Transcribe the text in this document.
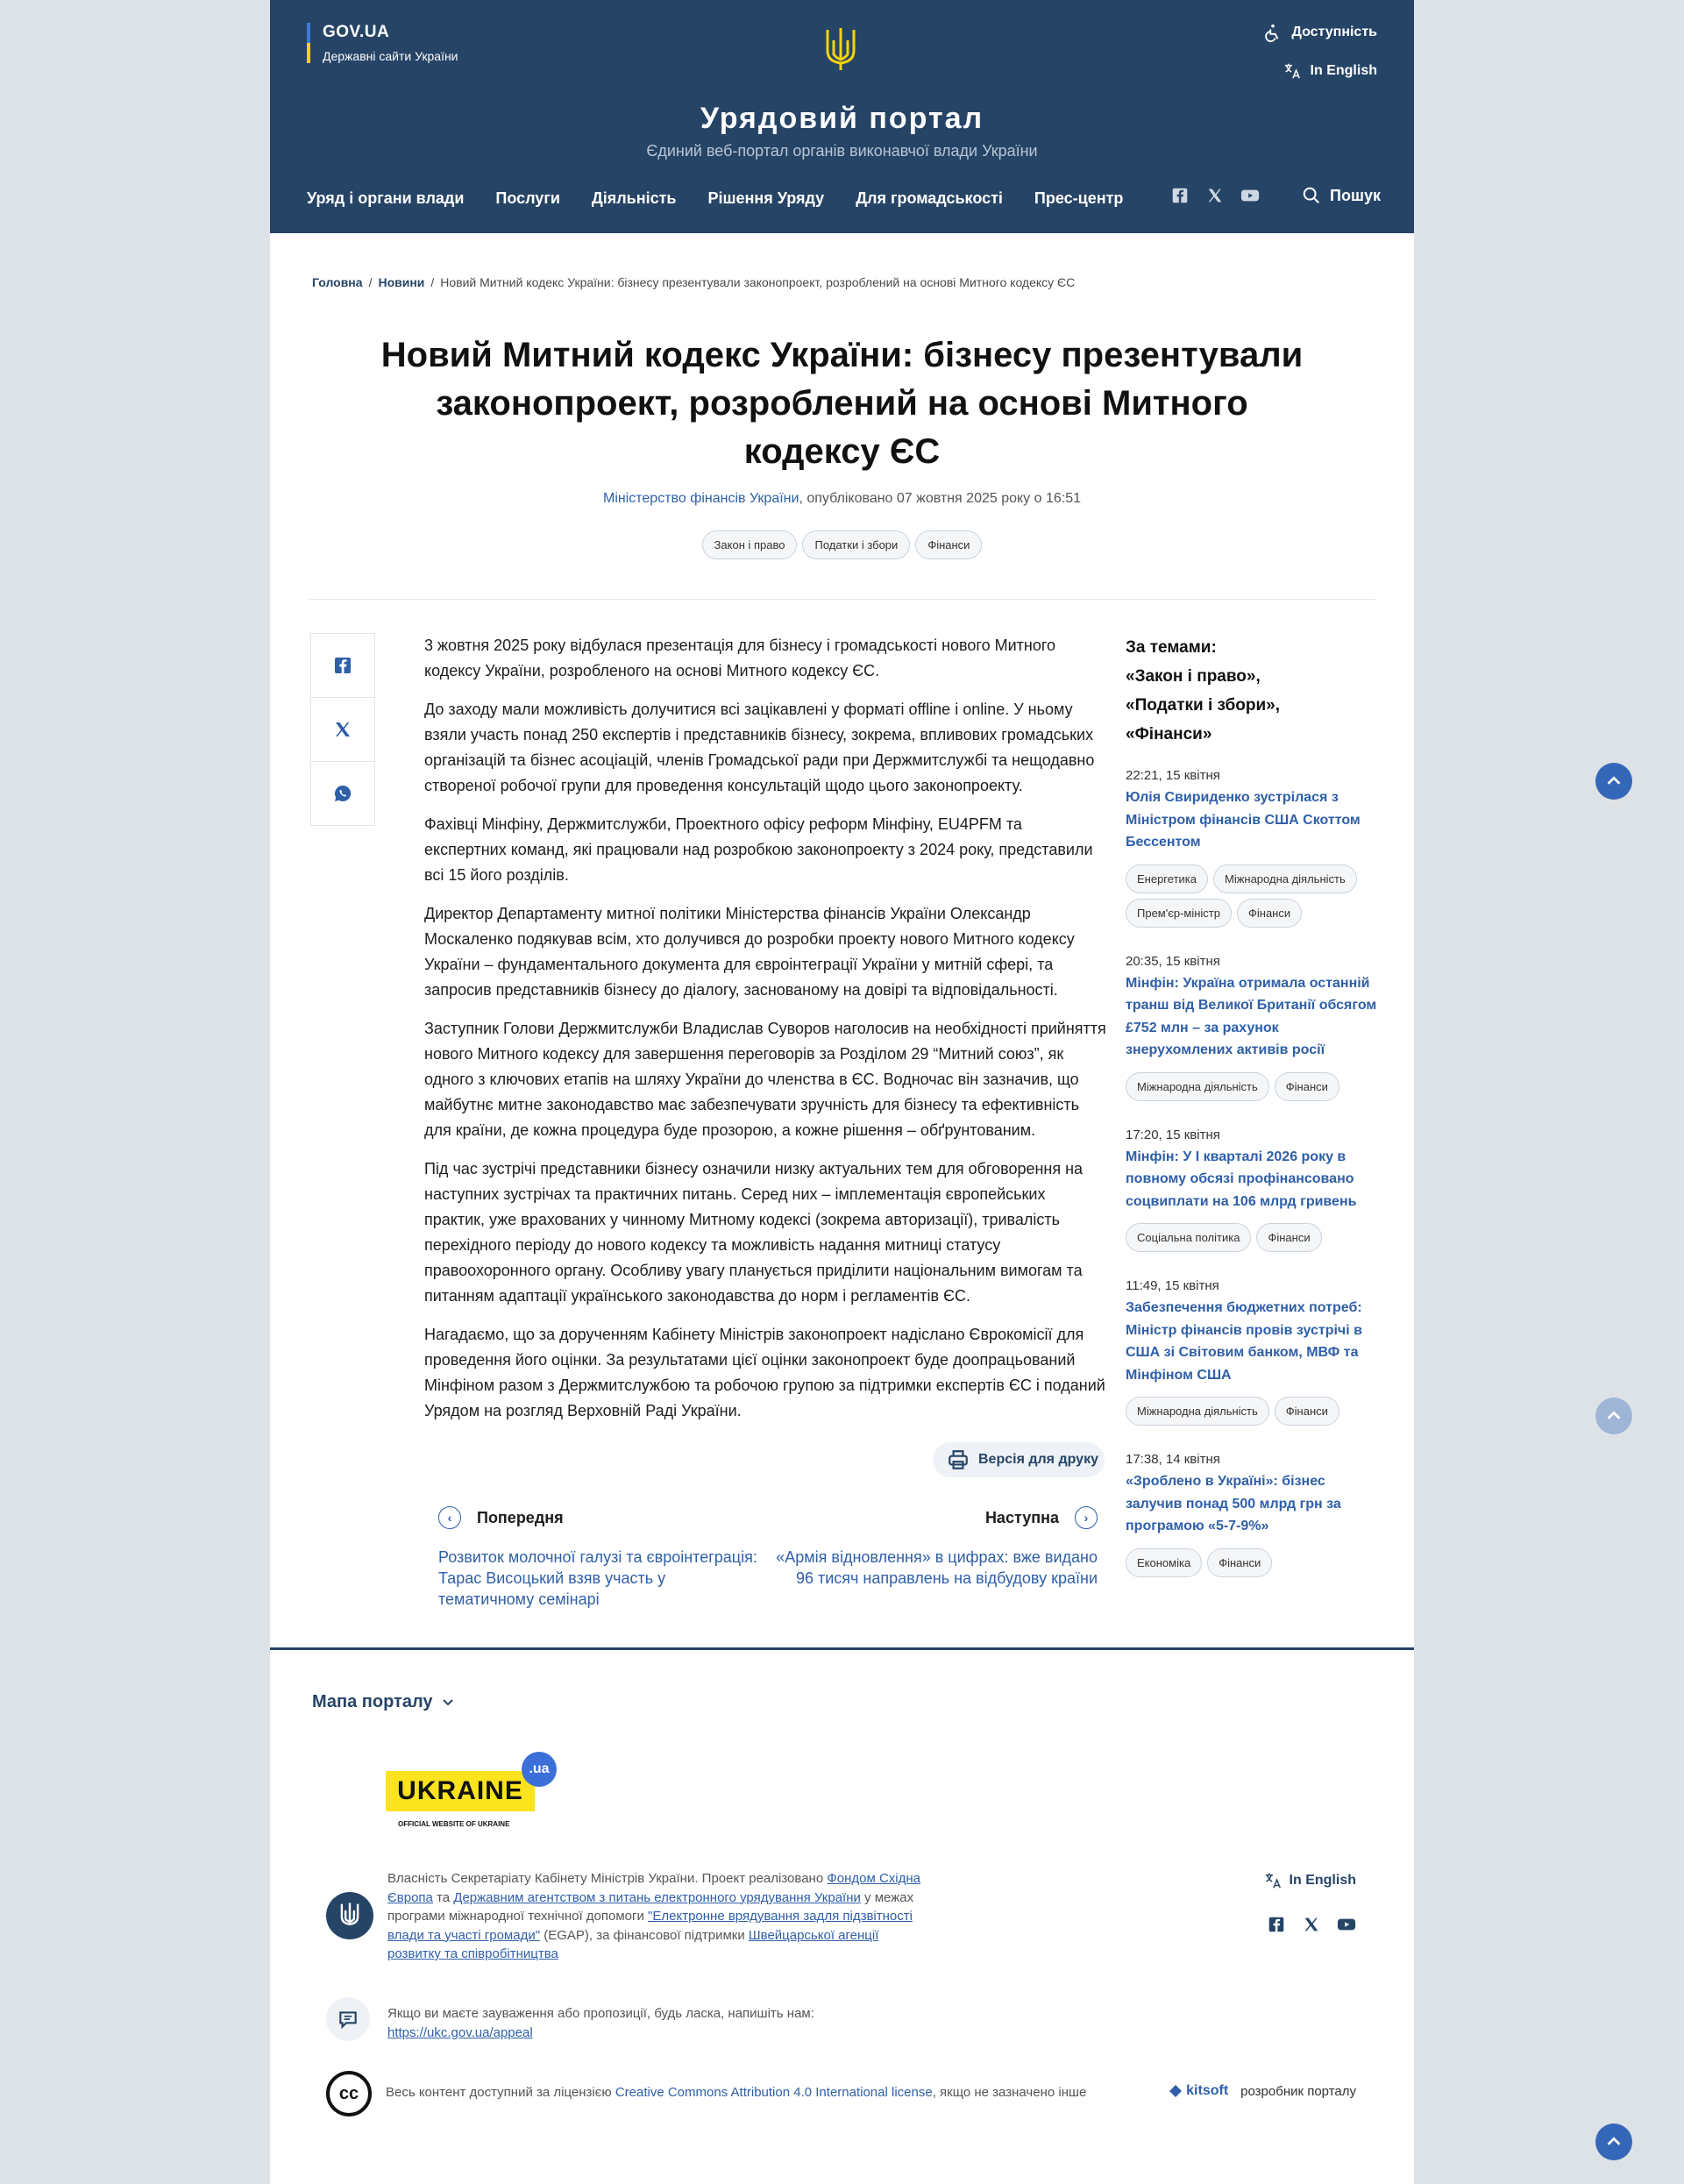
GOV.UA
Державні сайти України
Доступність
In English
Урядовий портал
Єдиний веб-портал органів виконавчої влади України
Уряд і органи влади Послуги Діяльність Рішення Уряду Для громадськості Прес-центр	Пошук
Головна / Новини / Новий Митний кодекс України: бізнесу презентували законопроект, розроблений на основі Митного кодексу ЄС
Новий Митний кодекс України: бізнесу презентували законопроект, розроблений на основі Митного кодексу ЄС
Міністерство фінансів України, опубліковано 07 жовтня 2025 року о 16:51
Закон і право	Податки і збори	Фінанси

3 жовтня 2025 року відбулася презентація для бізнесу і громадськості нового Митного кодексу України, розробленого на основі Митного кодексу ЄС.

До заходу мали можливість долучитися всі зацікавлені у форматі offline і online. У ньому взяли участь понад 250 експертів і представників бізнесу, зокрема, впливових громадських організацій та бізнес асоціацій, членів Громадської ради при Держмитслужбі та нещодавно створеної робочої групи для проведення консультацій щодо цього законопроекту.

Фахівці Мінфіну, Держмитслужби, Проектного офісу реформ Мінфіну, EU4PFM та експертних команд, які працювали над розробкою законопроекту з 2024 року, представили всі 15 його розділів.

Директор Департаменту митної політики Міністерства фінансів України Олександр Москаленко подякував всім, хто долучився до розробки проекту нового Митного кодексу України – фундаментального документа для євроінтеграції України у митній сфері, та запросив представників бізнесу до діалогу, заснованому на довірі та відповідальності.

Заступник Голови Держмитслужби Владислав Суворов наголосив на необхідності прийняття нового Митного кодексу для завершення переговорів за Розділом 29 “Митний союз”, як одного з ключових етапів на шляху України до членства в ЄС. Водночас він зазначив, що майбутнє митне законодавство має забезпечувати зручність для бізнесу та ефективність для країни, де кожна процедура буде прозорою, а кожне рішення – обґрунтованим.

Під час зустрічі представники бізнесу означили низку актуальних тем для обговорення на наступних зустрічах та практичних питань. Серед них – імплементація європейських практик, уже врахованих у чинному Митному кодексі (зокрема авторизації), тривалість перехідного періоду до нового кодексу та можливість надання митниці статусу правоохоронного органу. Особливу увагу планується приділити національним вимогам та питанням адаптації українського законодавства до норм і регламентів ЄС.

Нагадаємо, що за дорученням Кабінету Міністрів законопроект надіслано Єврокомісії для проведення його оцінки. За результатами цієї оцінки законопроект буде доопрацьований Мінфіном разом з Держмитслужбою та робочою групою за підтримки експертів ЄС і поданий Урядом на розгляд Верховній Раді України.

Версія для друку
‹	Попередня	Наступна	›
Розвиток молочної галузі та євроінтеграція: Тарас Висоцький взяв участь у тематичному семінарі
«Армія відновлення» в цифрах: вже видано 96 тисяч направлень на відбудову країни
За темами:
«Закон і право»,
«Податки і збори»,
«Фінанси»
22:21, 15 квітня
Юлія Свириденко зустрілася з Міністром фінансів США Скоттом Бессентом
Енергетика	Міжнародна діяльність
Прем'єр-міністр	Фінанси
20:35, 15 квітня
Мінфін: Україна отримала останній транш від Великої Британії обсягом £752 млн – за рахунок знерухомлених активів росії
Міжнародна діяльність	Фінанси
17:20, 15 квітня
Мінфін: У I кварталі 2026 року в повному обсязі профінансовано соцвиплати на 106 млрд гривень
Соціальна політика	Фінанси
11:49, 15 квітня
Забезпечення бюджетних потреб: Міністр фінансів провів зустрічі в США зі Світовим банком, МВФ та Мінфіном США
Міжнародна діяльність	Фінанси
17:38, 14 квітня
«Зроблено в Україні»: бізнес залучив понад 500 млрд грн за програмою «5-7-9%»
Економіка	Фінанси
Мапа порталу
UKRAINE
.ua
OFFICIAL WEBSITE OF UKRAINE
Власність Секретаріату Кабінету Міністрів України. Проект реалізовано Фондом Східна Європа та Державним агентством з питань електронного урядування України у межах програми міжнародної технічної допомоги "Електронне врядування задля підзвітності влади та участі громади" (EGAP), за фінансової підтримки Швейцарської агенції розвитку та співробітництва
In English
Якщо ви маєте зауваження або пропозиції, будь ласка, напишіть нам:
https://ukc.gov.ua/appeal
cc Весь контент доступний за ліцензією Creative Commons Attribution 4.0 International license, якщо не зазначено інше	kitsoft розробник порталу
